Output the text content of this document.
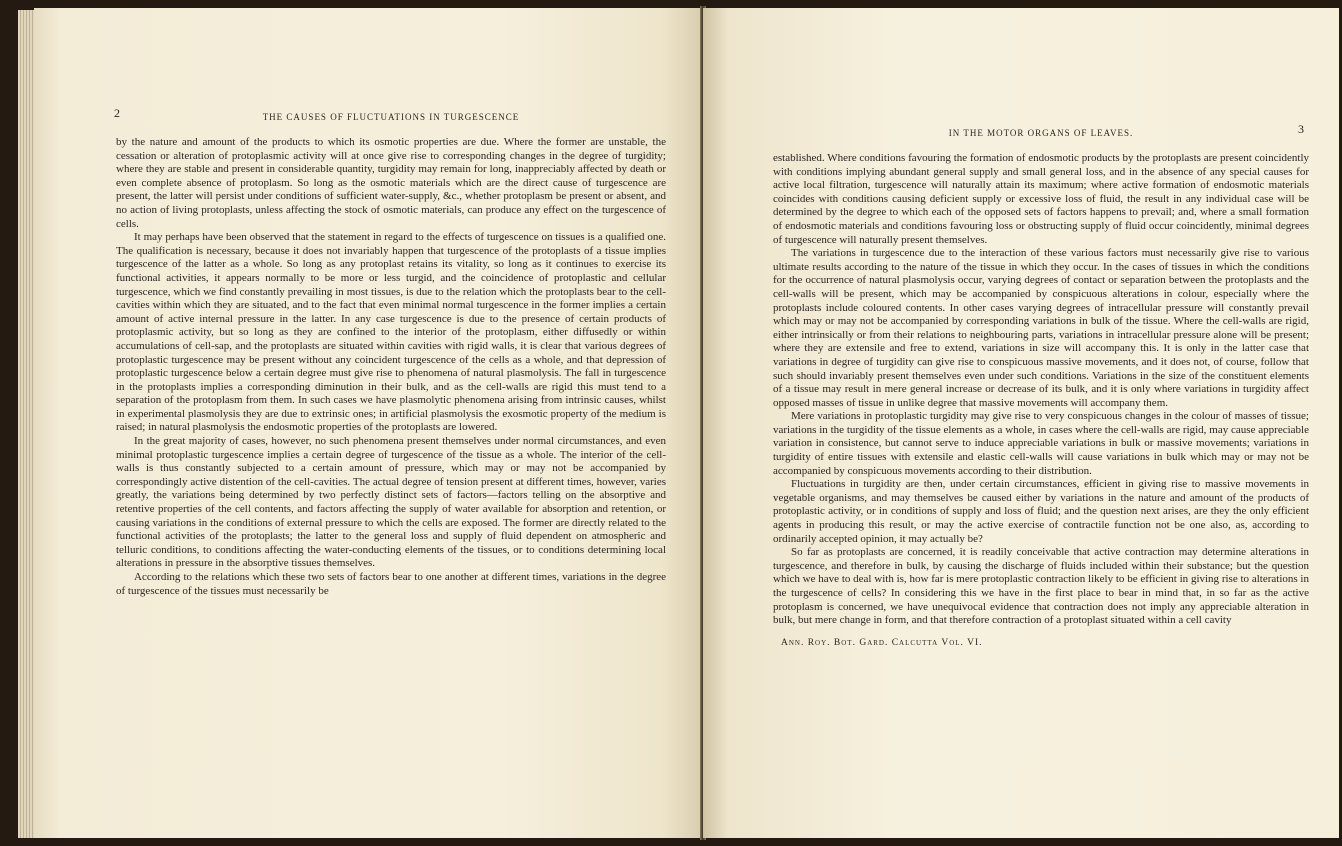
2	THE CAUSES OF FLUCTUATIONS IN TURGESCENCE

by the nature and amount of the products to which its osmotic properties are due. Where the former are unstable, the cessation or alteration of protoplasmic activity will at once give rise to corresponding changes in the degree of turgidity; where they are stable and present in considerable quantity, turgidity may remain for long, inappreciably affected by death or even complete absence of protoplasm. So long as the osmotic materials which are the direct cause of turgescence are present, the latter will persist under conditions of sufficient water-supply, &c., whether protoplasm be present or absent, and no action of living protoplasts, unless affecting the stock of osmotic materials, can produce any effect on the turgescence of cells.

It may perhaps have been observed that the statement in regard to the effects of turgescence on tissues is a qualified one. The qualification is necessary, because it does not invariably happen that turgescence of the protoplasts of a tissue implies turgescence of the latter as a whole. So long as any protoplast retains its vitality, so long as it continues to exercise its functional activities, it appears normally to be more or less turgid, and the coincidence of protoplastic and cellular turgescence, which we find constantly prevailing in most tissues, is due to the relation which the protoplasts bear to the cell-cavities within which they are situated, and to the fact that even minimal normal turgescence in the former implies a certain amount of active internal pressure in the latter. In any case turgescence is due to the presence of certain products of protoplasmic activity, but so long as they are confined to the interior of the protoplasm, either diffusedly or within accumulations of cell-sap, and the protoplasts are situated within cavities with rigid walls, it is clear that various degrees of protoplastic turgescence may be present without any coincident turgescence of the cells as a whole, and that depression of protoplastic turgescence below a certain degree must give rise to phenomena of natural plasmolysis. The fall in turgescence in the protoplasts implies a corresponding diminution in their bulk, and as the cell-walls are rigid this must tend to a separation of the protoplasm from them. In such cases we have plasmolytic phenomena arising from intrinsic causes, whilst in experimental plasmolysis they are due to extrinsic ones; in artificial plasmolysis the exosmotic property of the medium is raised; in natural plasmolysis the endosmotic properties of the protoplasts are lowered.

In the great majority of cases, however, no such phenomena present themselves under normal circumstances, and even minimal protoplastic turgescence implies a certain degree of turgescence of the tissue as a whole. The interior of the cell-walls is thus constantly subjected to a certain amount of pressure, which may or may not be accompanied by correspondingly active distention of the cell-cavities. The actual degree of tension present at different times, however, varies greatly, the variations being determined by two perfectly distinct sets of factors—factors telling on the absorptive and retentive properties of the cell contents, and factors affecting the supply of water available for absorption and retention, or causing variations in the conditions of external pressure to which the cells are exposed. The former are directly related to the functional activities of the protoplasts; the latter to the general loss and supply of fluid dependent on atmospheric and telluric conditions, to conditions affecting the water-conducting elements of the tissues, or to conditions determining local alterations in pressure in the absorptive tissues themselves.

According to the relations which these two sets of factors bear to one another at different times, variations in the degree of turgescence of the tissues must necessarily be

IN THE MOTOR ORGANS OF LEAVES.	3

established. Where conditions favouring the formation of endosmotic products by the protoplasts are present coincidently with conditions implying abundant general supply and small general loss, and in the absence of any special causes for active local filtration, turgescence will naturally attain its maximum; where active formation of endosmotic materials coincides with conditions causing deficient supply or excessive loss of fluid, the result in any individual case will be determined by the degree to which each of the opposed sets of factors happens to prevail; and, where a small formation of endosmotic materials and conditions favouring loss or obstructing supply of fluid occur coincidently, minimal degrees of turgescence will naturally present themselves.

The variations in turgescence due to the interaction of these various factors must necessarily give rise to various ultimate results according to the nature of the tissue in which they occur. In the cases of tissues in which the conditions for the occurrence of natural plasmolysis occur, varying degrees of contact or separation between the protoplasts and the cell-walls will be present, which may be accompanied by conspicuous alterations in colour, especially where the protoplasts include coloured contents. In other cases varying degrees of intracellular pressure will constantly prevail which may or may not be accompanied by corresponding variations in bulk of the tissue. Where the cell-walls are rigid, either intrinsically or from their relations to neighbouring parts, variations in intracellular pressure alone will be present; where they are extensile and free to extend, variations in size will accompany this. It is only in the latter case that variations in degree of turgidity can give rise to conspicuous massive movements, and it does not, of course, follow that such should invariably present themselves even under such conditions. Variations in the size of the constituent elements of a tissue may result in mere general increase or decrease of its bulk, and it is only where variations in turgidity affect opposed masses of tissue in unlike degree that massive movements will accompany them.

Mere variations in protoplastic turgidity may give rise to very conspicuous changes in the colour of masses of tissue; variations in the turgidity of the tissue elements as a whole, in cases where the cell-walls are rigid, may cause appreciable variation in consistence, but cannot serve to induce appreciable variations in bulk or massive movements; variations in turgidity of entire tissues with extensile and elastic cell-walls will cause variations in bulk which may or may not be accompanied by conspicuous movements according to their distribution.

Fluctuations in turgidity are then, under certain circumstances, efficient in giving rise to massive movements in vegetable organisms, and may themselves be caused either by variations in the nature and amount of the products of protoplastic activity, or in conditions of supply and loss of fluid; and the question next arises, are they the only efficient agents in producing this result, or may the active exercise of contractile function not be one also, as, according to ordinarily accepted opinion, it may actually be?

So far as protoplasts are concerned, it is readily conceivable that active contraction may determine alterations in turgescence, and therefore in bulk, by causing the discharge of fluids included within their substance; but the question which we have to deal with is, how far is mere protoplastic contraction likely to be efficient in giving rise to alterations in the turgescence of cells? In considering this we have in the first place to bear in mind that, in so far as the active protoplasm is concerned, we have unequivocal evidence that contraction does not imply any appreciable alteration in bulk, but mere change in form, and that therefore contraction of a protoplast situated within a cell cavity

Ann. Roy. Bot. Gard. Calcutta Vol. VI.
